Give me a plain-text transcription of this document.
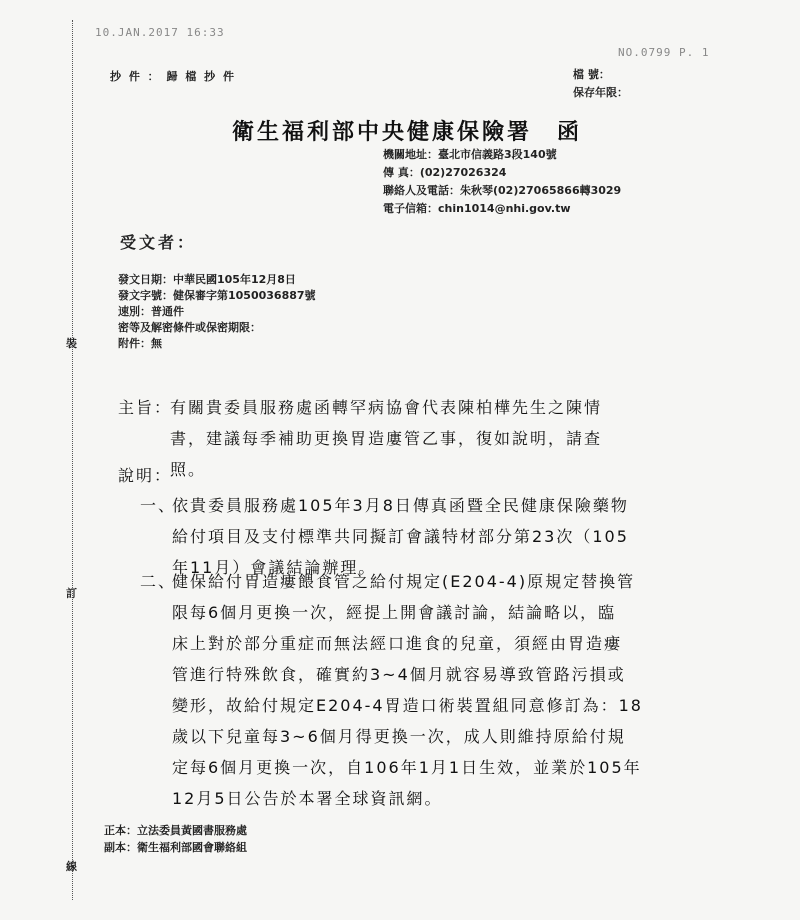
裝
訂
線
10.JAN.2017 16:33
NO.0799 P. 1
抄 件 ： 歸 檔 抄 件	檔 號：
保存年限：
衛生福利部中央健康保險署　函
機關地址：臺北市信義路3段140號
傳 真：(02)27026324
聯絡人及電話：朱秋琴(02)27065866轉3029
電子信箱：chin1014@nhi.gov.tw
受文者：
發文日期：中華民國105年12月8日
發文字號：健保審字第1050036887號
速別：普通件
密等及解密條件或保密期限：
附件：無
主旨：
有關貴委員服務處函轉罕病協會代表陳柏樺先生之陳情
書，建議每季補助更換胃造廔管乙事，復如說明，請查
照。
說明：
一、
依貴委員服務處105年3月8日傳真函暨全民健康保險藥物
給付項目及支付標準共同擬訂會議特材部分第23次（105
年11月）會議結論辦理。
二、
健保給付胃造瘻餵食管之給付規定(E204-4)原規定替換管
限每6個月更換一次，經提上開會議討論，結論略以，臨
床上對於部分重症而無法經口進食的兒童，須經由胃造瘻
管進行特殊飲食，確實約3~4個月就容易導致管路污損或
變形，故給付規定E204-4胃造口術裝置組同意修訂為：18
歲以下兒童每3~6個月得更換一次，成人則維持原給付規
定每6個月更換一次，自106年1月1日生效，並業於105年
12月5日公告於本署全球資訊網。
正本：立法委員黃國書服務處
副本：衛生福利部國會聯絡組
